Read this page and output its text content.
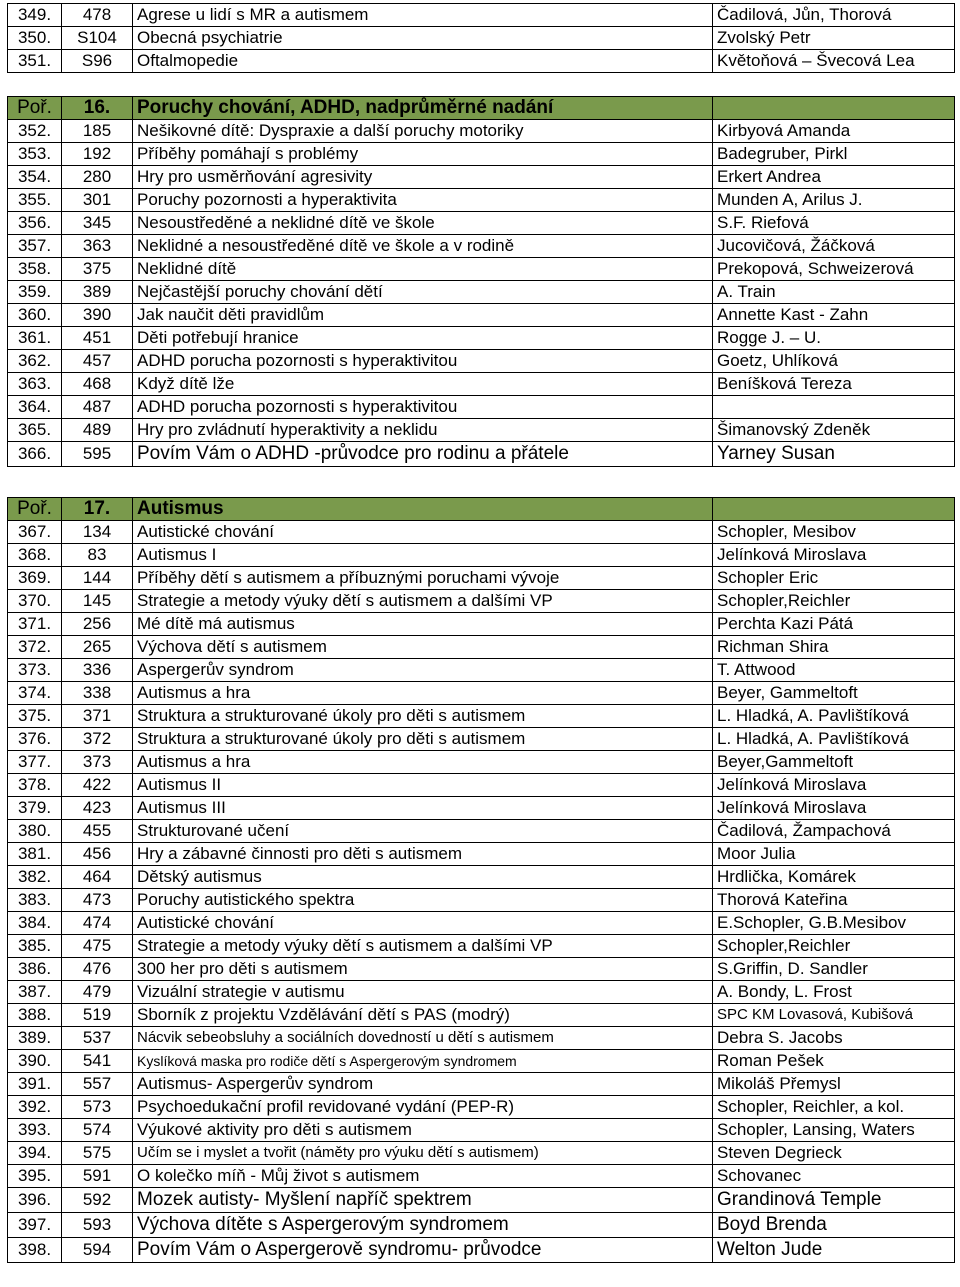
349.	478	Agrese u lidí s MR a autismem	Čadilová, Jůn, Thorová
350.	S104	Obecná psychiatrie	Zvolský Petr
351.	S96	Oftalmopedie	Květoňová – Švecová Lea
Poř.	16.	Poruchy chování, ADHD, nadprůměrné nadání	
352.	185	Nešikovné dítě: Dyspraxie a další poruchy motoriky	Kirbyová Amanda
353.	192	Příběhy pomáhají s problémy	Badegruber, Pirkl
354.	280	Hry pro usměrňování agresivity	Erkert Andrea
355.	301	Poruchy pozornosti a hyperaktivita	Munden A, Arilus J.
356.	345	Nesoustředěné a neklidné dítě ve škole	S.F. Riefová
357.	363	Neklidné a nesoustředěné dítě ve škole a v rodině	Jucovičová, Žáčková
358.	375	Neklidné dítě	Prekopová, Schweizerová
359.	389	Nejčastější poruchy chování dětí	A. Train
360.	390	Jak naučit děti pravidlům	Annette Kast - Zahn
361.	451	Děti potřebují hranice	Rogge J. – U.
362.	457	ADHD porucha pozornosti s hyperaktivitou	Goetz, Uhlíková
363.	468	Když dítě lže	Beníšková Tereza
364.	487	ADHD porucha pozornosti s hyperaktivitou	
365.	489	Hry pro zvládnutí hyperaktivity a neklidu	Šimanovský Zdeněk
366.	595	Povím Vám o ADHD -průvodce pro rodinu a přátele	Yarney Susan
Poř.	17.	Autismus	
367.	134	Autistické chování	Schopler, Mesibov
368.	83	Autismus I	Jelínková Miroslava
369.	144	Příběhy dětí s autismem a příbuznými poruchami vývoje	Schopler Eric
370.	145	Strategie a metody výuky dětí s autismem a dalšími VP	Schopler,Reichler
371.	256	Mé dítě má autismus	Perchta Kazi Pátá
372.	265	Výchova dětí s autismem	Richman Shira
373.	336	Aspergerův syndrom	T. Attwood
374.	338	Autismus a hra	Beyer, Gammeltoft
375.	371	Struktura a strukturované úkoly pro děti s autismem	L. Hladká, A. Pavlištíková
376.	372	Struktura a strukturované úkoly pro děti s autismem	L. Hladká, A. Pavlištíková
377.	373	Autismus a hra	Beyer,Gammeltoft
378.	422	Autismus II	Jelínková Miroslava
379.	423	Autismus III	Jelínková Miroslava
380.	455	Strukturované učení	Čadilová, Žampachová
381.	456	Hry a zábavné činnosti pro děti s autismem	Moor Julia
382.	464	Dětský autismus	Hrdlička, Komárek
383.	473	Poruchy autistického spektra	Thorová Kateřina
384.	474	Autistické chování	E.Schopler, G.B.Mesibov
385.	475	Strategie a metody výuky dětí s autismem a dalšími VP	Schopler,Reichler
386.	476	300 her pro děti s autismem	S.Griffin, D. Sandler
387.	479	Vizuální strategie v autismu	A. Bondy, L. Frost
388.	519	Sborník z projektu Vzdělávání dětí s PAS (modrý)	SPC KM Lovasová, Kubišová
389.	537	Nácvik sebeobsluhy a sociálních dovedností u dětí s autismem	Debra S. Jacobs
390.	541	Kyslíková maska pro rodiče dětí s Aspergerovým syndromem	Roman Pešek
391.	557	Autismus- Aspergerův syndrom	Mikoláš Přemysl
392.	573	Psychoedukační profil revidované vydání (PEP-R)	Schopler, Reichler, a kol.
393.	574	Výukové aktivity pro děti s autismem	Schopler, Lansing, Waters
394.	575	Učím se i myslet a tvořit (náměty pro výuku dětí s autismem)	Steven Degrieck
395.	591	O kolečko míň - Můj život s autismem	Schovanec
396.	592	Mozek autisty- Myšlení napříč spektrem	Grandinová Temple
397.	593	Výchova dítěte s Aspergerovým syndromem	Boyd Brenda
398.	594	Povím Vám o Aspergerově syndromu- průvodce	Welton Jude
